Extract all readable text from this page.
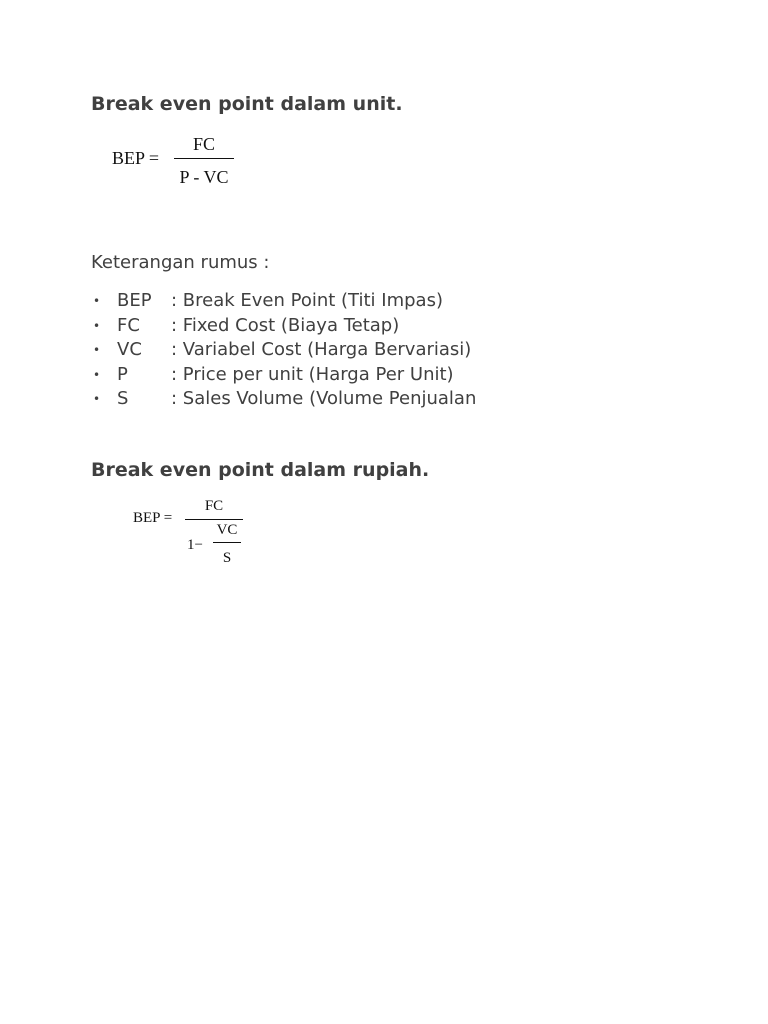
Break even point dalam unit.
BEP =
FC
P - VC

Keterangan rumus :

• BEP : Break Even Point (Titi Impas)
• FC : Fixed Cost (Biaya Tetap)
• VC : Variabel Cost (Harga Bervariasi)
• P : Price per unit (Harga Per Unit)
• S : Sales Volume (Volume Penjualan
Break even point dalam rupiah.
BEP =
FC
1−
VC
S
